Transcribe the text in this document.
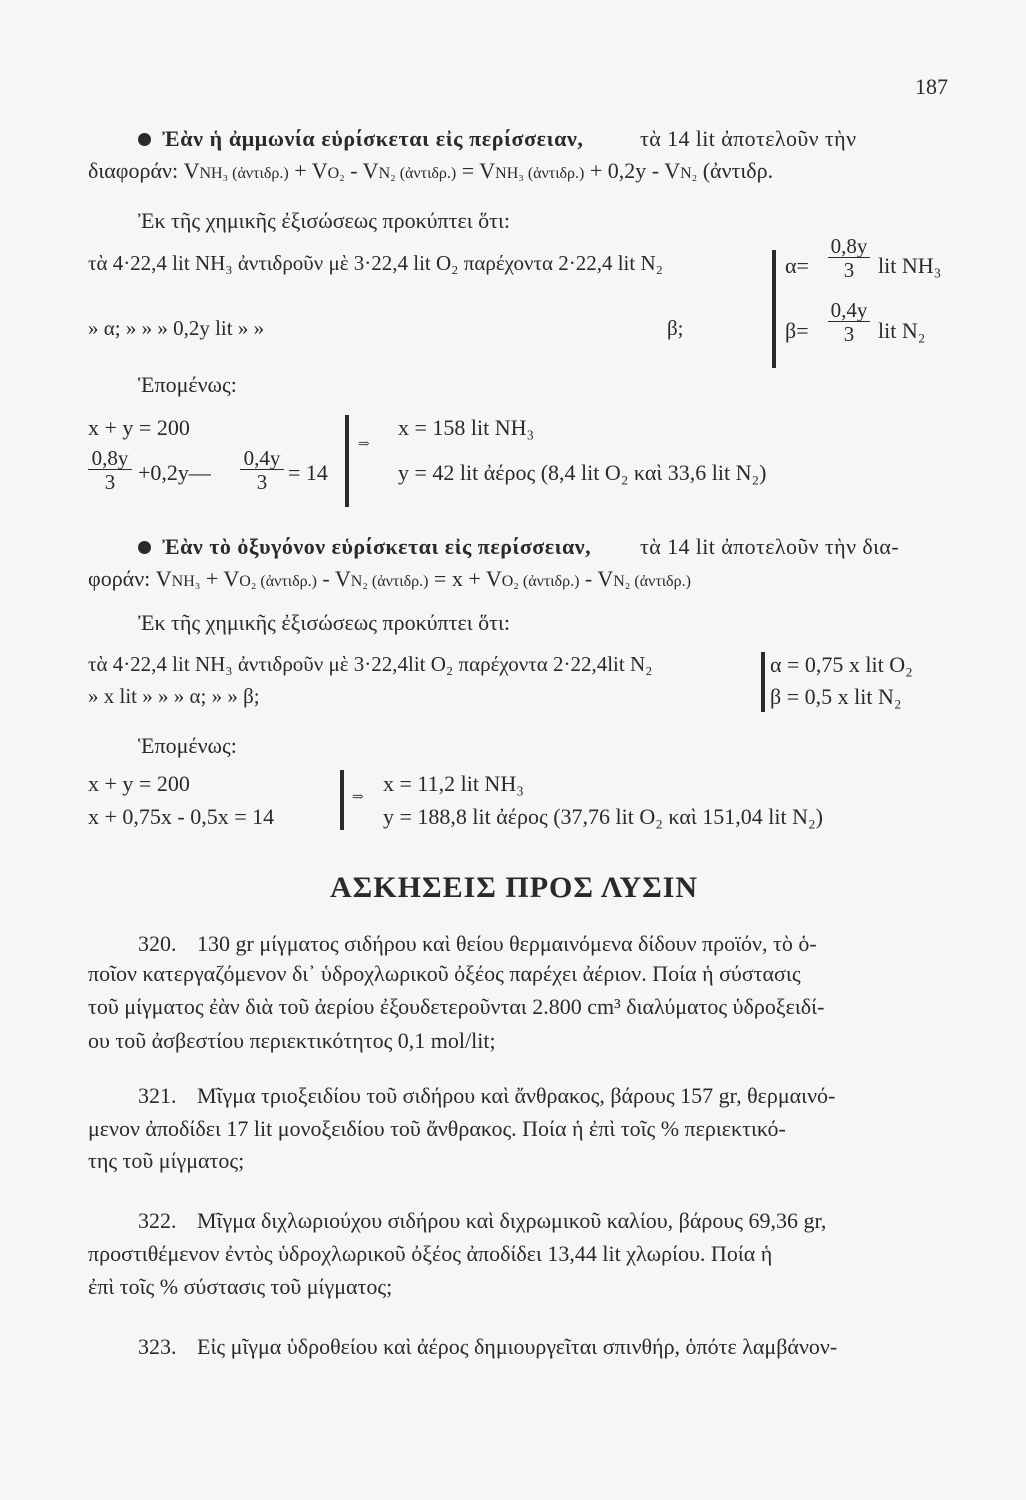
187
Ἐὰν ἡ ἀμμωνία εὑρίσκεται εἰς περίσσειαν,	τὰ 14 lit ἀποτελοῦν τὴν
διαφοράν: VNH₃ (ἀντιδρ.) + VO₂ - VN₂ (ἀντιδρ.) = VNH₃ (ἀντιδρ.) + 0,2y - VN₂ (ἀντιδρ.
Ἐκ τῆς χημικῆς ἐξισώσεως προκύπτει ὅτι:
τὰ 4·22,4 lit NH₃ ἀντιδροῦν μὲ 3·22,4 lit O₂ παρέχοντα 2·22,4 lit N₂
» α; » » » 0,2y lit » »	β;
$\alpha= \frac{0,8y}{3}$ lit NH₃
$\beta= \frac{0,4y}{3}$ lit N₂
Ἑπομένως:
x + y = 200
$\frac{0,8y}{3}$ +0,2y— $\frac{0,4y}{3} = 14$
⇒
x = 158 lit NH₃
y = 42 lit ἀέρος (8,4 lit O₂ καὶ 33,6 lit N₂)
Ἐὰν τὸ ὀξυγόνον εὑρίσκεται εἰς περίσσειαν, τὰ 14 lit ἀποτελοῦν τὴν δια-
φοράν: VNH₃ + VO₂ (ἀντιδρ.) - VN₂ (ἀντιδρ.) = x + VO₂ (ἀντιδρ.) - VN₂ (ἀντιδρ.)
Ἐκ τῆς χημικῆς ἐξισώσεως προκύπτει ὅτι:
τὰ 4·22,4 lit NH₃ ἀντιδροῦν μὲ 3·22,4lit O₂ παρέχοντα 2·22,4lit N₂
» x lit » » » α; » » β;
α = 0,75 x lit O₂
β = 0,5 x lit N₂
Ἑπομένως:
x + y = 200
x + 0,75x - 0,5x = 14
⇒
x = 11,2 lit NH₃
y = 188,8 lit ἀέρος (37,76 lit O₂ καὶ 151,04 lit N₂)
ΑΣΚΗΣΕΙΣ ΠΡΟΣ ΛΥΣΙΝ
320. 130 gr μίγματος σιδήρου καὶ θείου θερμαινόμενα δίδουν προϊόν, τὸ ὁ-
ποῖον κατεργαζόμενον δι᾿ ὑδροχλωρικοῦ ὀξέος παρέχει ἀέριον. Ποία ἡ σύστασις
τοῦ μίγματος ἐὰν διὰ τοῦ ἀερίου ἐξουδετεροῦνται 2.800 cm³ διαλύματος ὑδροξειδί-
ου τοῦ ἀσβεστίου περιεκτικότητος 0,1 mol/lit;
321. Μῖγμα τριοξειδίου τοῦ σιδήρου καὶ ἄνθρακος, βάρους 157 gr, θερμαινό-
μενον ἀποδίδει 17 lit μονοξειδίου τοῦ ἄνθρακος. Ποία ἡ ἐπὶ τοῖς % περιεκτικό-
της τοῦ μίγματος;
322. Μῖγμα διχλωριούχου σιδήρου καὶ διχρωμικοῦ καλίου, βάρους 69,36 gr,
προστιθέμενον ἐντὸς ὑδροχλωρικοῦ ὀξέος ἀποδίδει 13,44 lit χλωρίου. Ποία ἡ
ἐπὶ τοῖς % σύστασις τοῦ μίγματος;
323. Εἰς μῖγμα ὑδροθείου καὶ ἀέρος δημιουργεῖται σπινθήρ, ὁπότε λαμβάνον-
